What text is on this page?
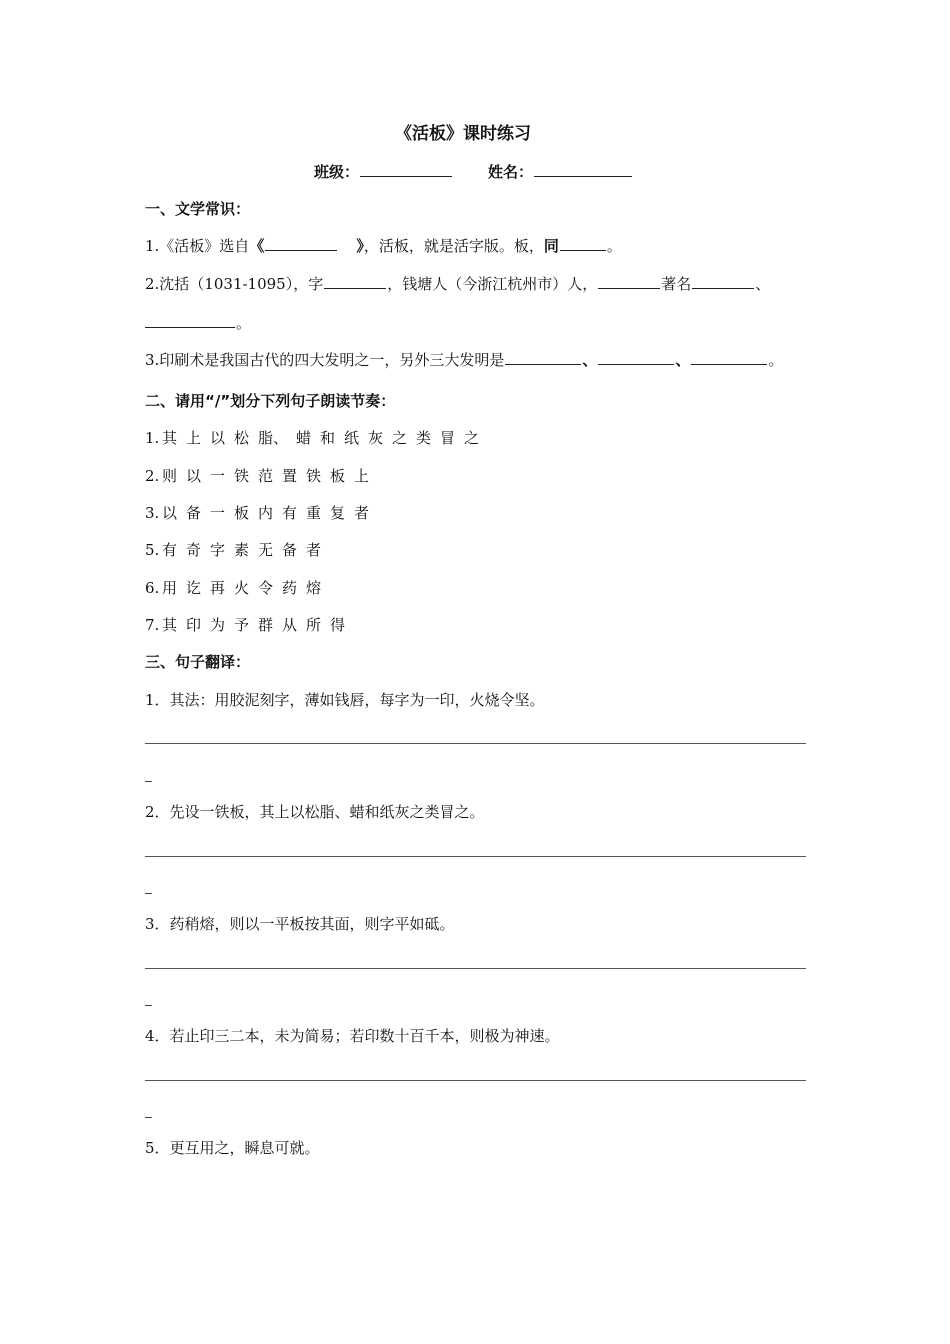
《活板》课时练习
班级：	姓名：
一、文学常识：
1.《活板》选自《	》，活板，就是活字版。板，同	。
2.沈括（1031-1095），字	，钱塘人（今浙江杭州市）人，	著名	、
。
3.印刷术是我国古代的四大发明之一，另外三大发明是	、	、	。
二、请用“/”划分下列句子朗读节奏：
1. 其 上 以 松 脂、 蜡 和 纸 灰 之 类 冒 之
2. 则 以 一 铁 范 置 铁 板 上
3. 以 备 一 板 内 有 重 复 者
5. 有 奇 字 素 无 备 者
6. 用 讫 再 火 令 药 熔
7. 其 印 为 予 群 从 所 得
三、句子翻译：
1．其法：用胶泥刻字，薄如钱唇，每字为一印，火烧令坚。
2．先设一铁板，其上以松脂、蜡和纸灰之类冒之。
3．药稍熔，则以一平板按其面，则字平如砥。
4．若止印三二本，未为简易；若印数十百千本，则极为神速。
5．更互用之，瞬息可就。
